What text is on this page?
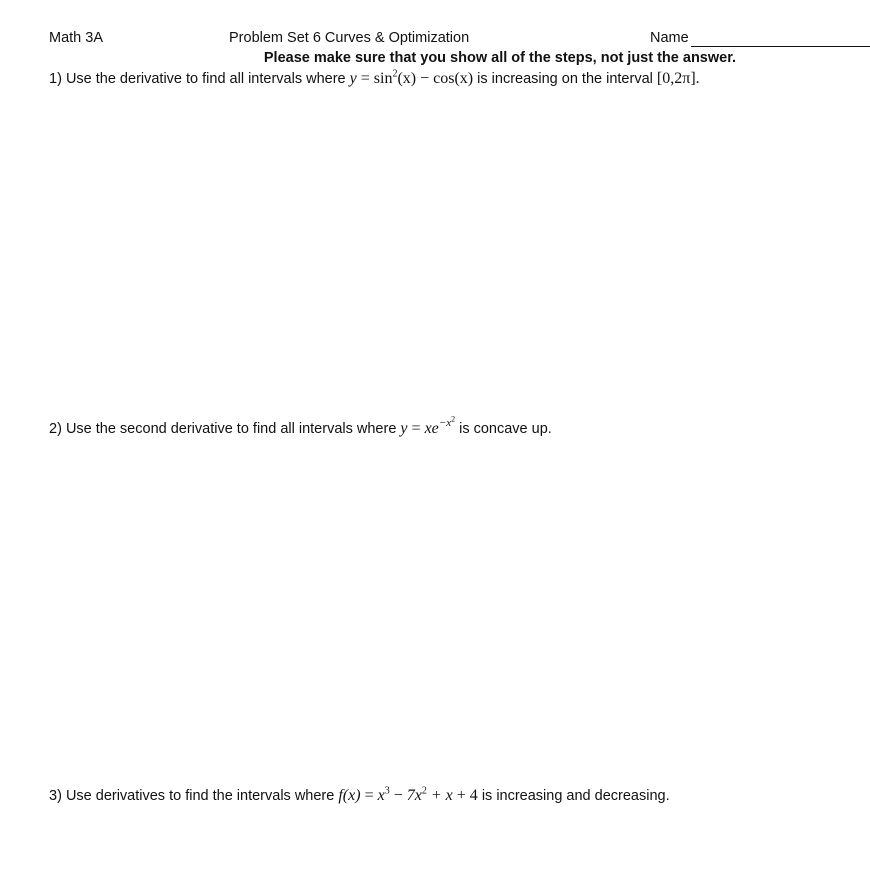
Math 3A	Problem Set 6 Curves & Optimization	Name
Please make sure that you show all of the steps, not just the answer.
1) Use the derivative to find all intervals where $y = \sin^2(x) - \cos(x)$ is increasing on the interval [0,2π].
2) Use the second derivative to find all intervals where $y = xe^{-x^2}$ is concave up.
3) Use derivatives to find the intervals where $f(x) = x^3 - 7x^2 + x + 4$ is increasing and decreasing.
